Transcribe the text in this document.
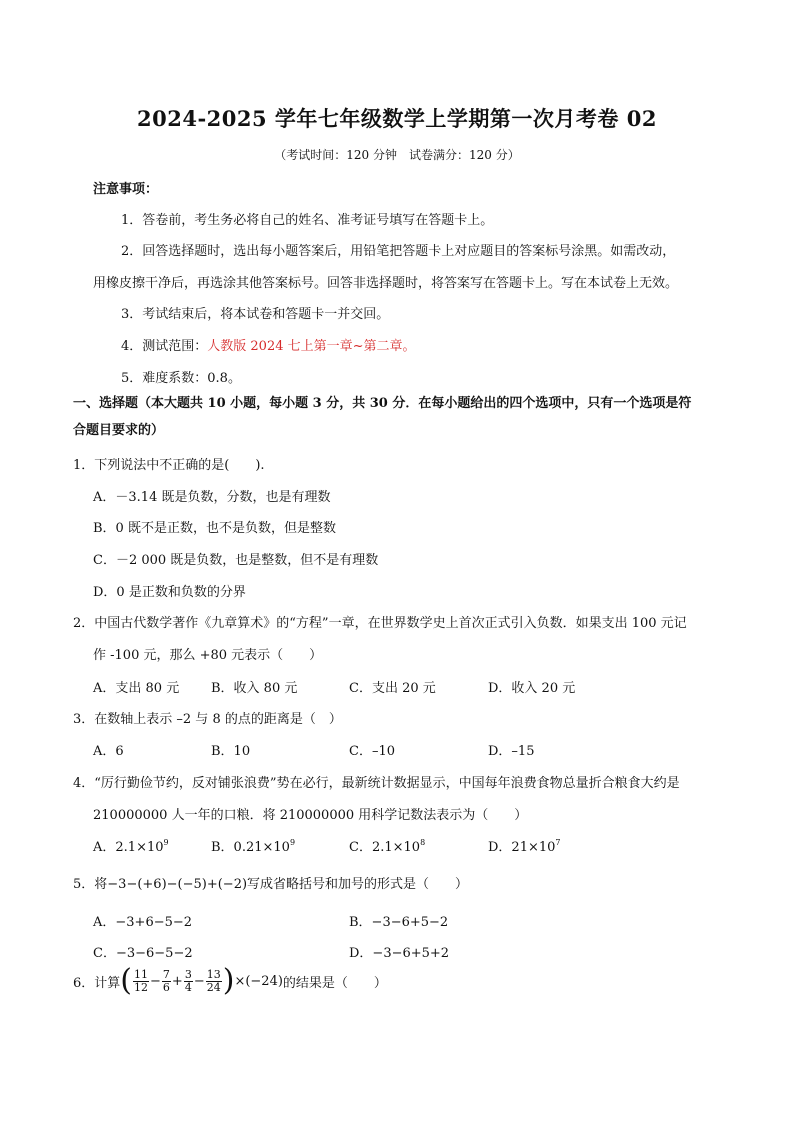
2024-2025 学年七年级数学上学期第一次月考卷 02
（考试时间：120 分钟　试卷满分：120 分）
注意事项：
1．答卷前，考生务必将自己的姓名、准考证号填写在答题卡上。
2．回答选择题时，选出每小题答案后，用铅笔把答题卡上对应题目的答案标号涂黑。如需改动，
用橡皮擦干净后，再选涂其他答案标号。回答非选择题时，将答案写在答题卡上。写在本试卷上无效。
3．考试结束后，将本试卷和答题卡一并交回。
4．测试范围：人教版 2024 七上第一章~第二章。
5．难度系数：0.8。
一、选择题（本大题共 10 小题，每小题 3 分，共 30 分．在每小题给出的四个选项中，只有一个选项是符
合题目要求的）
1．下列说法中不正确的是(　　).
A．－3.14 既是负数，分数，也是有理数
B．0 既不是正数，也不是负数，但是整数
C．－2 000 既是负数，也是整数，但不是有理数
D．0 是正数和负数的分界
2．中国古代数学著作《九章算术》的“方程”一章，在世界数学史上首次正式引入负数．如果支出 100 元记
作 -100 元，那么 +80 元表示（　　）
A．支出 80 元 B．收入 80 元	C．支出 20 元	D．收入 20 元
3．在数轴上表示 –2 与 8 的点的距离是（　）
A．6	B．10	C．–10	D．–15
4．“厉行勤俭节约，反对铺张浪费”势在必行，最新统计数据显示，中国每年浪费食物总量折合粮食大约是
210000000 人一年的口粮．将 210000000 用科学记数法表示为（　　）
A．$2.1\times 10^9$	B．$0.21\times 10^9$	C．$2.1\times 10^8$	D．$21\times 10^7$
5．将−3−(+6)−(−5)+(−2)写成省略括号和加号的形式是（　　）
A．−3+6−5−2	B．−3−6+5−2
C．−3−6−5−2	D．−3−6+5+2
6．计算 ( $\frac{11}{12} - \frac{7}{6} + \frac{3}{4} - \frac{13}{24}$ ) ×(−24) 的结果是（　　）
